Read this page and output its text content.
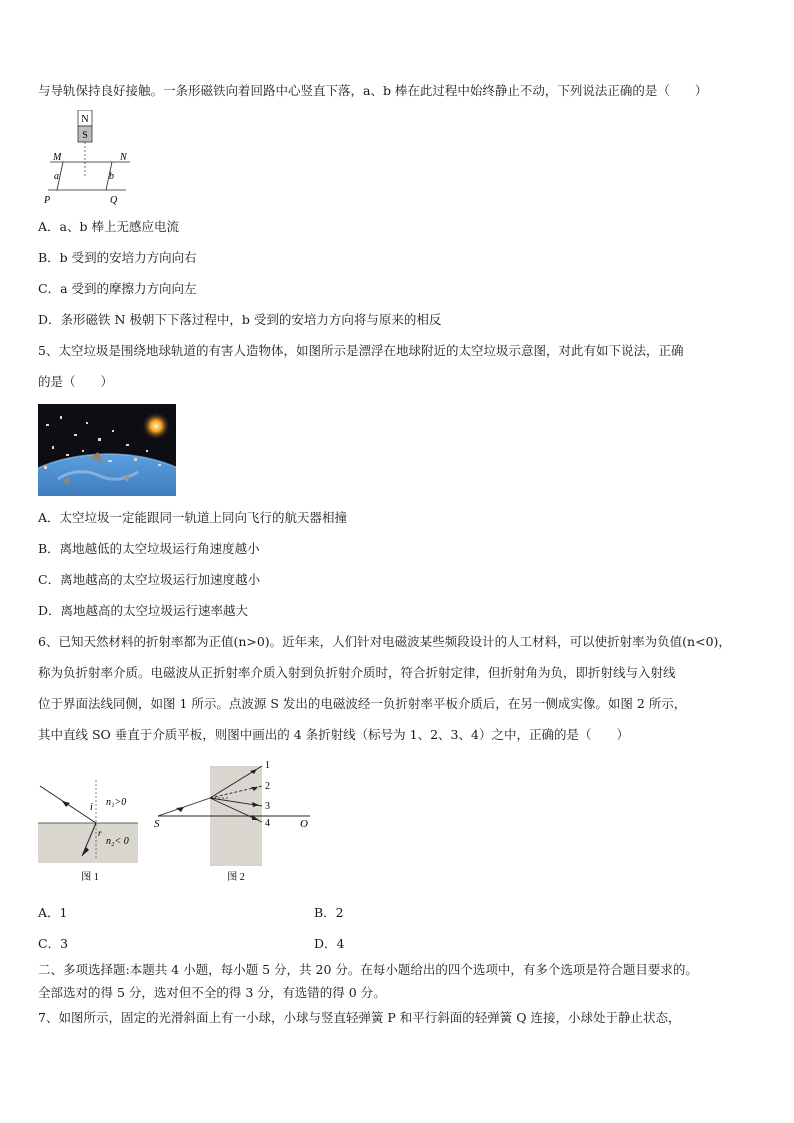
与导轨保持良好接触。一条形磁铁向着回路中心竖直下落，a、b 棒在此过程中始终静止不动，下列说法正确的是（　　）
N
S
M	N
a	b
P	Q
A．a、b 棒上无感应电流
B．b 受到的安培力方向向右
C．a 受到的摩擦力方向向左
D．条形磁铁 N 极朝下下落过程中，b 受到的安培力方向将与原来的相反
5、太空垃圾是围绕地球轨道的有害人造物体，如图所示是漂浮在地球附近的太空垃圾示意图，对此有如下说法，正确
的是（　　）
A．太空垃圾一定能跟同一轨道上同向飞行的航天器相撞
B．离地越低的太空垃圾运行角速度越小
C．离地越高的太空垃圾运行加速度越小
D．离地越高的太空垃圾运行速率越大
6、已知天然材料的折射率都为正值(n>0)。近年来，人们针对电磁波某些频段设计的人工材料，可以使折射率为负值(n<0)，
称为负折射率介质。电磁波从正折射率介质入射到负折射介质时，符合折射定律，但折射角为负，即折射线与入射线
位于界面法线同侧，如图 1 所示。点波源 S 发出的电磁波经一负折射率平板介质后，在另一侧成实像。如图 2 所示，
其中直线 SO 垂直于介质平板，则图中画出的 4 条折射线（标号为 1、2、3、4）之中，正确的是（　　）
i
r
n₁>0
n₂< 0
图 1
S	O
1
2
3
4
图 2
A．1	B．2
C．3	D．4
二、多项选择题:本题共 4 小题，每小题 5 分，共 20 分。在每小题给出的四个选项中，有多个选项是符合题目要求的。
全部选对的得 5 分，选对但不全的得 3 分，有选错的得 0 分。
7、如图所示，固定的光滑斜面上有一小球，小球与竖直轻弹簧 P 和平行斜面的轻弹簧 Q 连接，小球处于静止状态，
